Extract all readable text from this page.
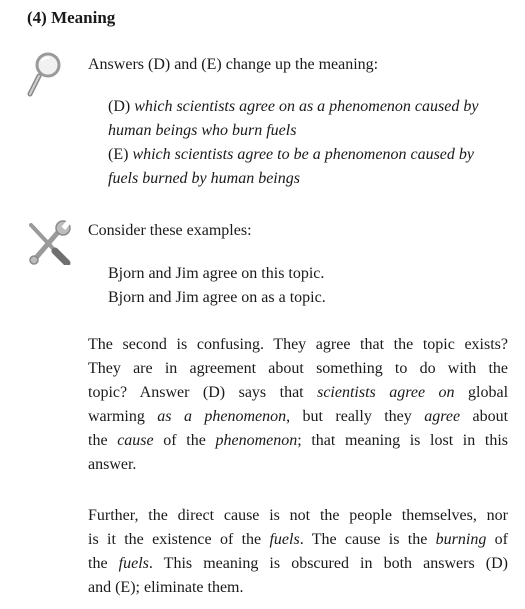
(4) Meaning

Answers (D) and (E) change up the meaning:

(D) which scientists agree on as a phenomenon caused by
human beings who burn fuels
(E) which scientists agree to be a phenomenon caused by
fuels burned by human beings

Consider these examples:

Bjorn and Jim agree on this topic.
Bjorn and Jim agree on as a topic.
The second is confusing. They agree that the topic exists?
They are in agreement about something to do with the
topic? Answer (D) says that scientists agree on global
warming as a phenomenon, but really they agree about
the cause of the phenomenon; that meaning is lost in this
answer.
Further, the direct cause is not the people themselves, nor
is it the existence of the fuels. The cause is the burning of
the fuels. This meaning is obscured in both answers (D)
and (E); eliminate them.
